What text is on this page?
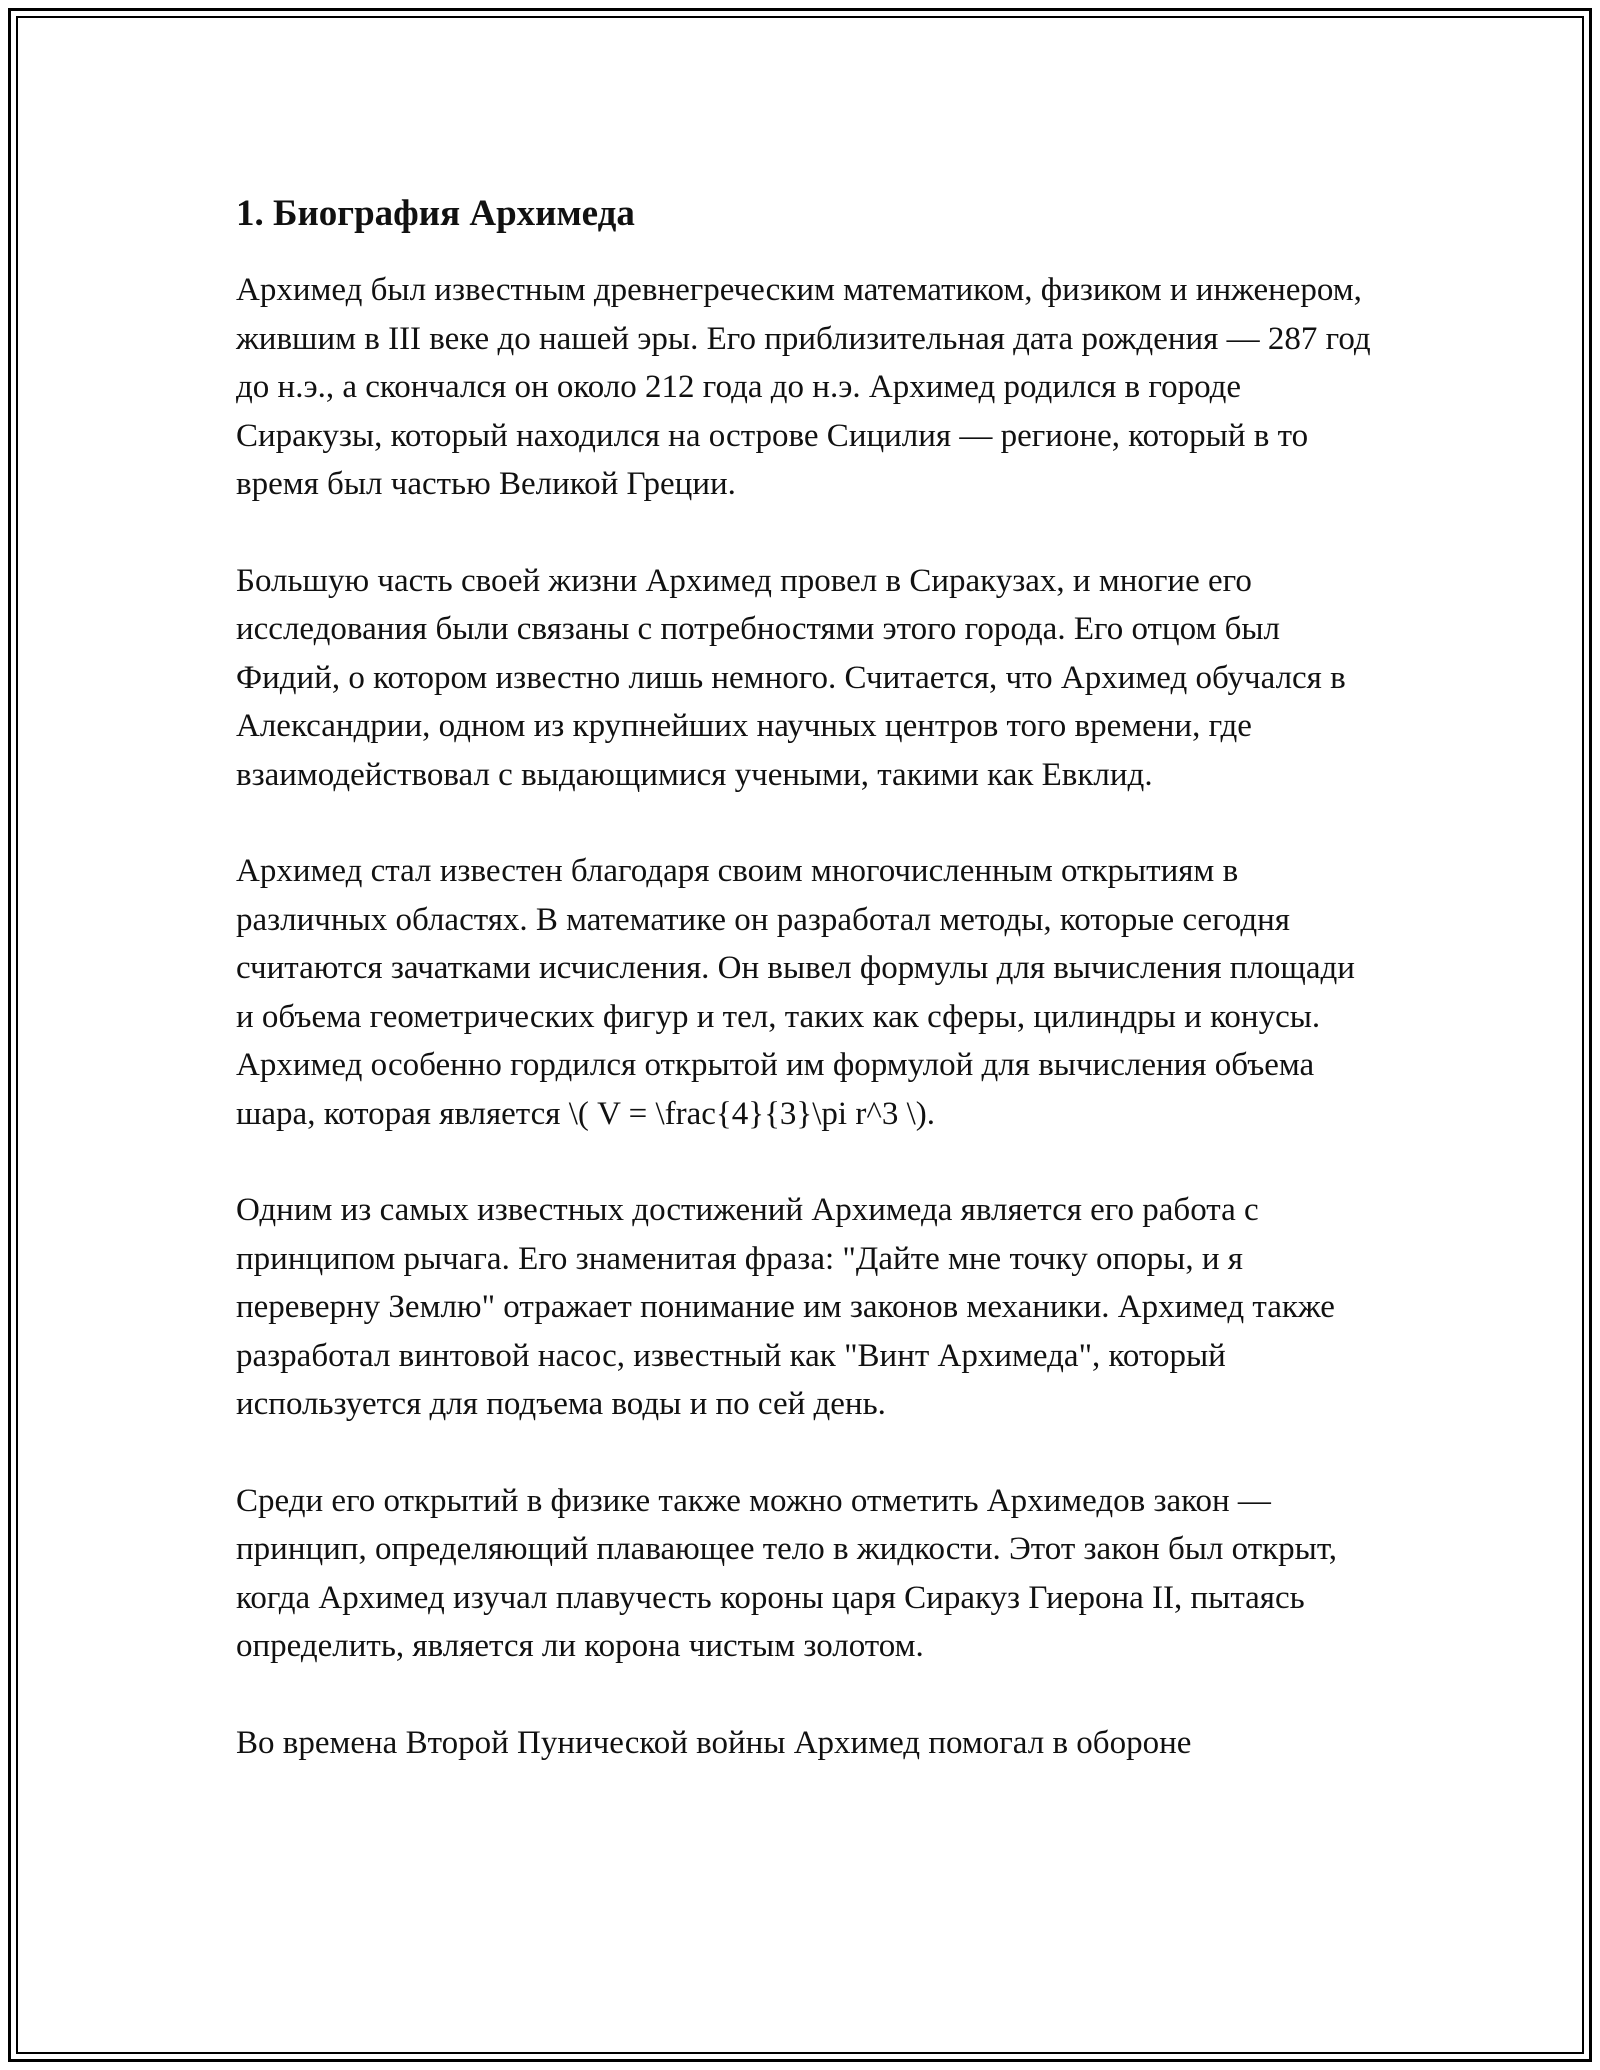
1. Биография Архимеда

Архимед был известным древнегреческим математиком, физиком и инженером, жившим в III веке до нашей эры. Его приблизительная дата рождения — 287 год до н.э., а скончался он около 212 года до н.э. Архимед родился в городе Сиракузы, который находился на острове Сицилия — регионе, который в то время был частью Великой Греции.

Большую часть своей жизни Архимед провел в Сиракузах, и многие его исследования были связаны с потребностями этого города. Его отцом был Фидий, о котором известно лишь немного. Считается, что Архимед обучался в Александрии, одном из крупнейших научных центров того времени, где взаимодействовал с выдающимися учеными, такими как Евклид.

Архимед стал известен благодаря своим многочисленным открытиям в различных областях. В математике он разработал методы, которые сегодня считаются зачатками исчисления. Он вывел формулы для вычисления площади и объема геометрических фигур и тел, таких как сферы, цилиндры и конусы. Архимед особенно гордился открытой им формулой для вычисления объема шара, которая является \( V = \frac{4}{3}\pi r^3 \).

Одним из самых известных достижений Архимеда является его работа с принципом рычага. Его знаменитая фраза: "Дайте мне точку опоры, и я переверну Землю" отражает понимание им законов механики. Архимед также разработал винтовой насос, известный как "Винт Архимеда", который используется для подъема воды и по сей день.

Среди его открытий в физике также можно отметить Архимедов закон — принцип, определяющий плавающее тело в жидкости. Этот закон был открыт, когда Архимед изучал плавучесть короны царя Сиракуз Гиерона II, пытаясь определить, является ли корона чистым золотом.

Во времена Второй Пунической войны Архимед помогал в обороне
